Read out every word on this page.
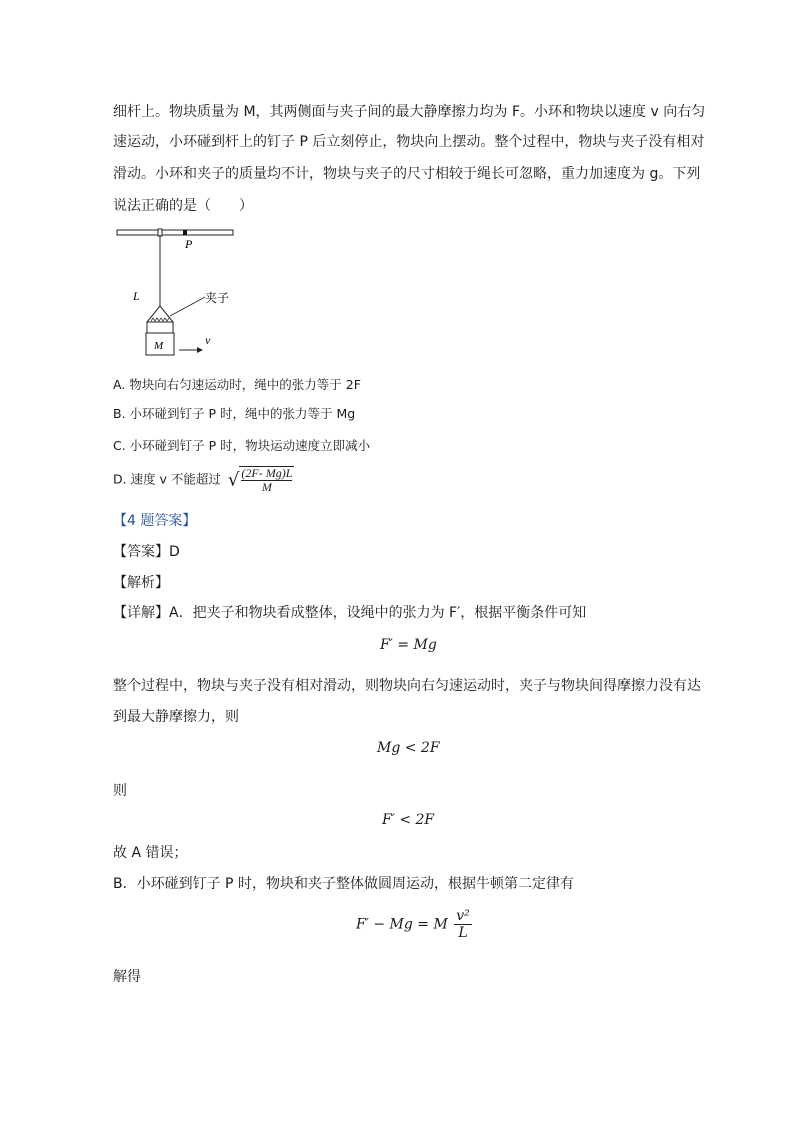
细杆上。物块质量为 M，其两侧面与夹子间的最大静摩擦力均为 F。小环和物块以速度 v 向右匀
速运动，小环碰到杆上的钉子 P 后立刻停止，物块向上摆动。整个过程中，物块与夹子没有相对
滑动。小环和夹子的质量均不计，物块与夹子的尺寸相较于绳长可忽略，重力加速度为 g。下列
说法正确的是（　　）
P
L	夹子
M	v
A. 物块向右匀速运动时，绳中的张力等于 2F
B. 小环碰到钉子 P 时，绳中的张力等于 Mg
C. 小环碰到钉子 P 时，物块运动速度立即减小
D. 速度 v 不能超过 √ $\frac{(2F- Mg)L}{M}$
【4 题答案】
【答案】D
【解析】
【详解】A．把夹子和物块看成整体，设绳中的张力为 F′，根据平衡条件可知
F′ = Mg
整个过程中，物块与夹子没有相对滑动，则物块向右匀速运动时，夹子与物块间得摩擦力没有达
到最大静摩擦力，则
Mg < 2F
则
F′ < 2F
故 A 错误；
B．小环碰到钉子 P 时，物块和夹子整体做圆周运动，根据牛顿第二定律有
F′ − Mg = M $\frac{\text{v²}}{L}$
解得
